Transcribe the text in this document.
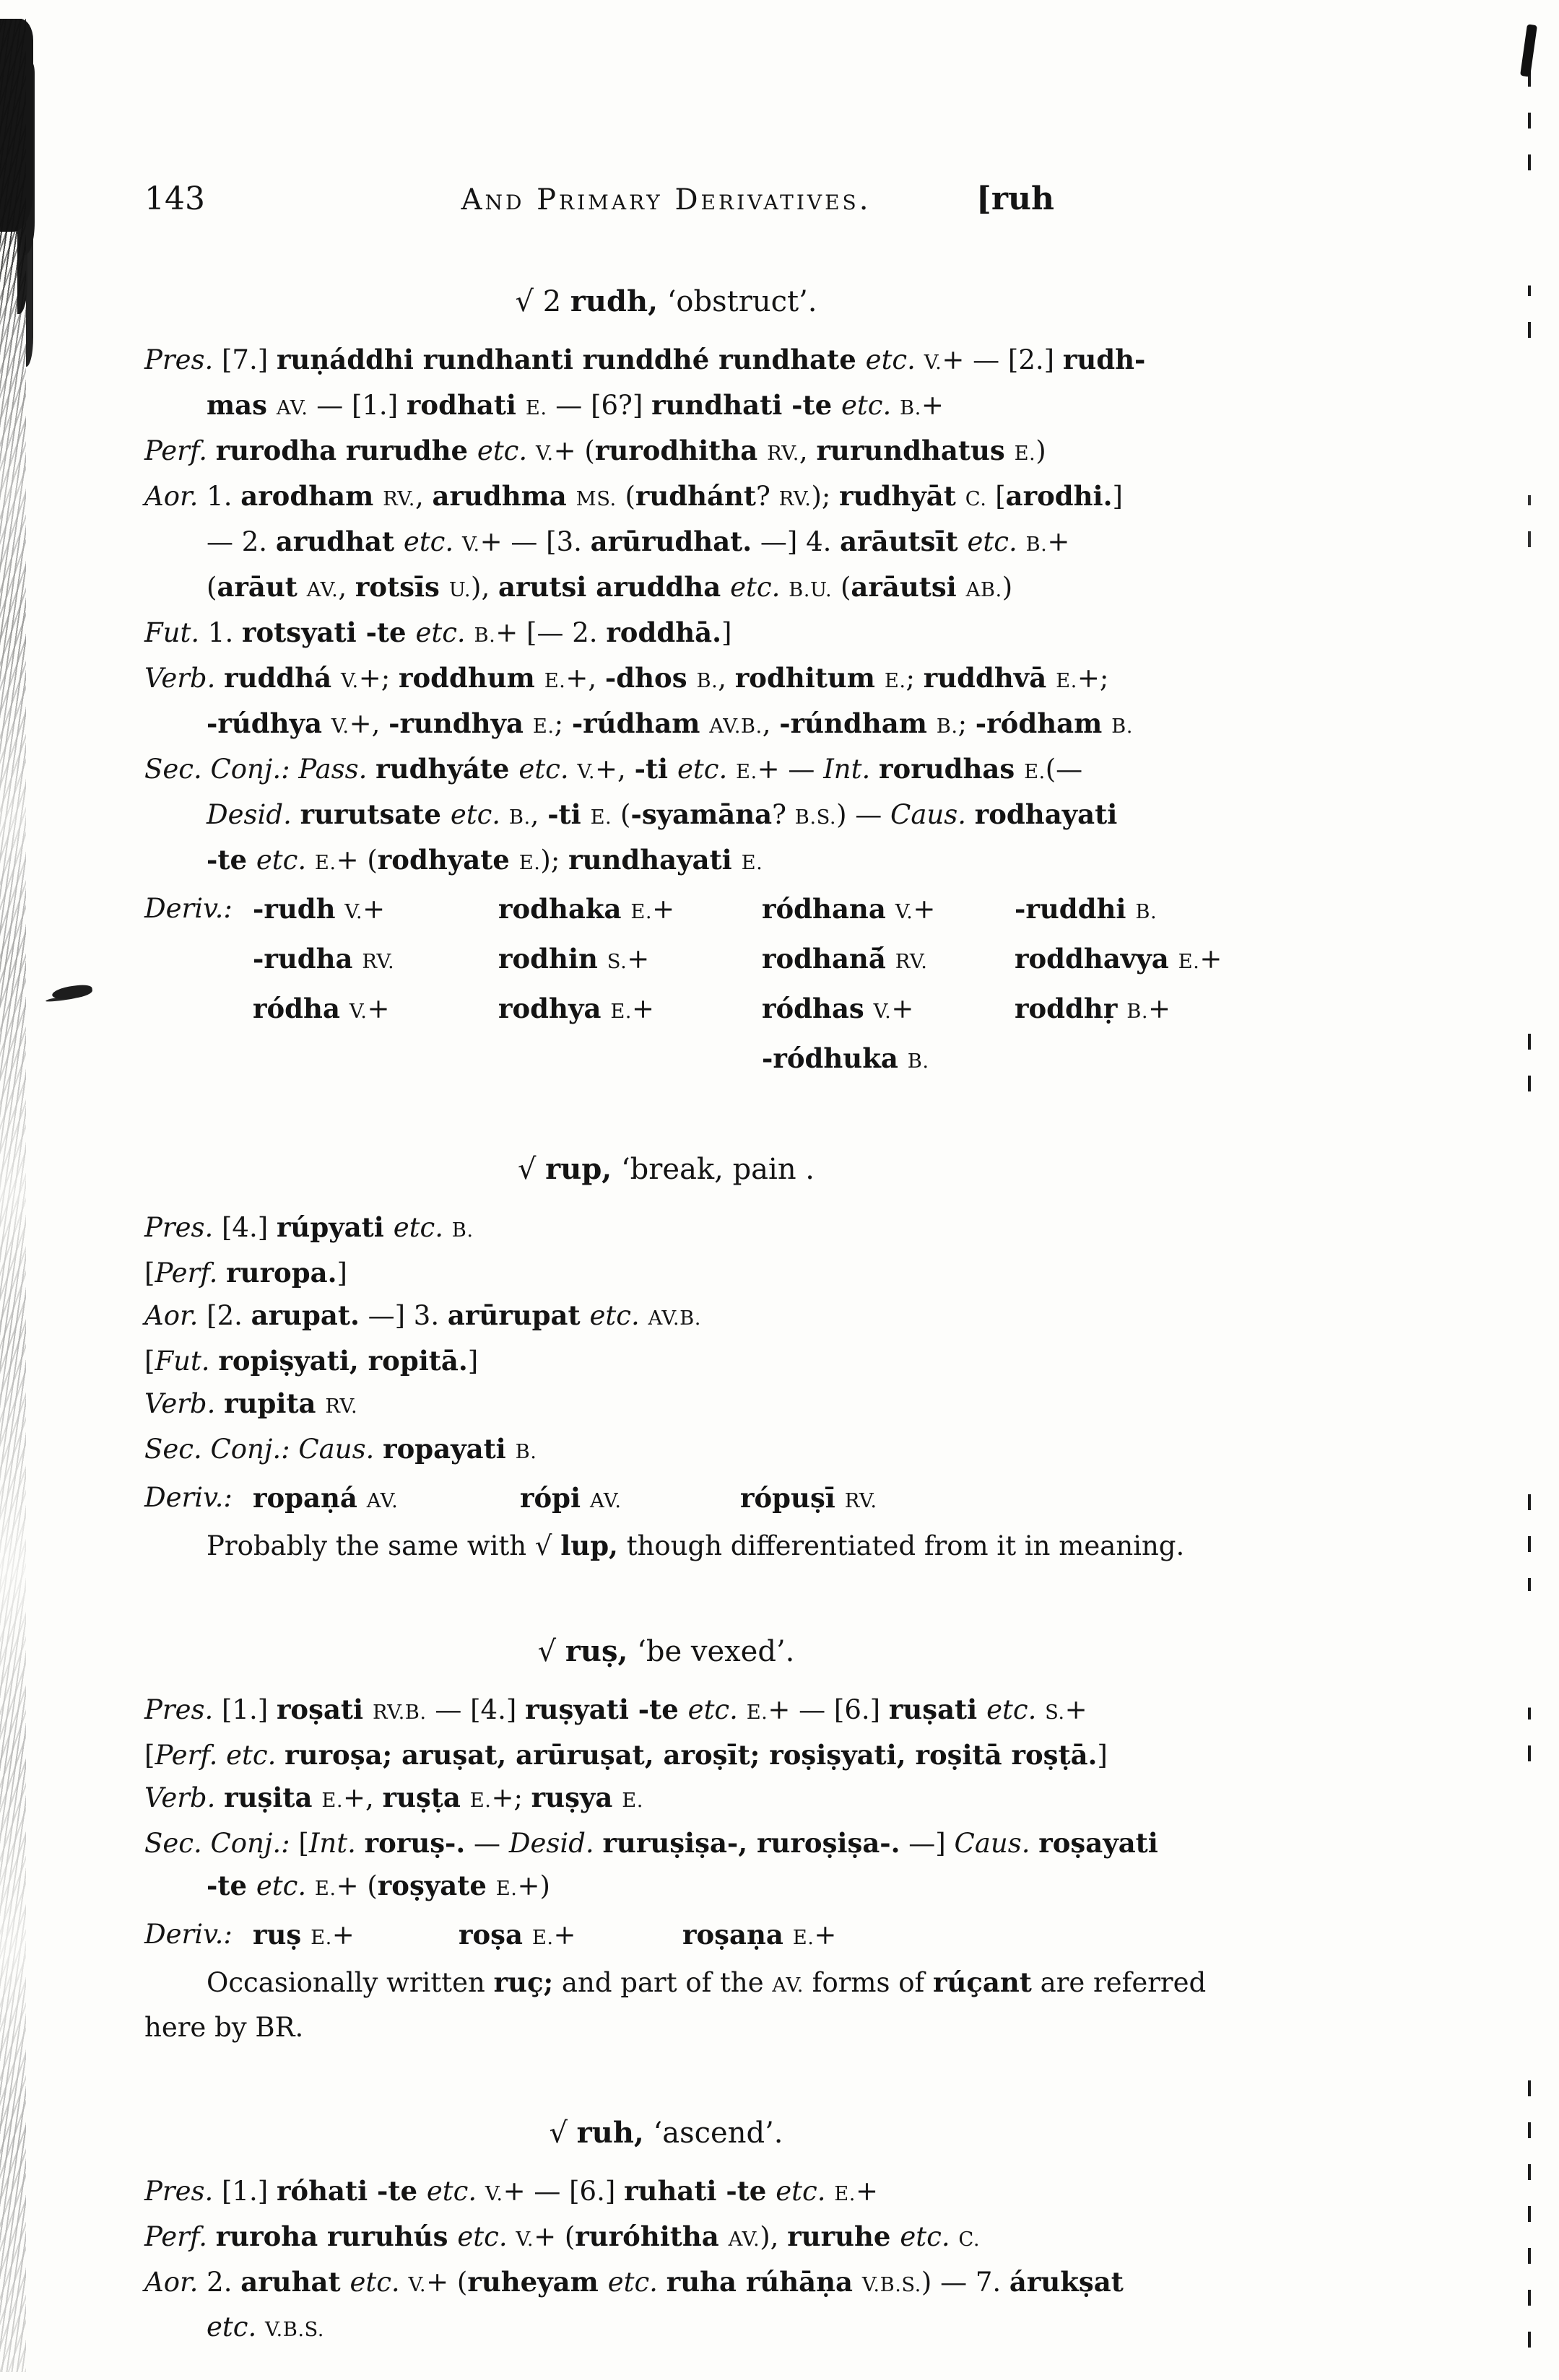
143	And Primary Derivatives.	[ruh
√ 2 rudh, ‘obstruct’.
Pres. [7.] ruṇáddhi rundhanti runddhé rundhate etc. V.+ — [2.] rudh-
mas AV. — [1.] rodhati E. — [6?] rundhati -te etc. B.+
Perf. rurodha rurudhe etc. V.+ (rurodhitha RV., rurundhatus E.)
Aor. 1. arodham RV., arudhma MS. (rudhánt? RV.); rudhyāt C. [arodhi.]
— 2. arudhat etc. V.+ — [3. arūrudhat. —] 4. arāutsīt etc. B.+
(arāut AV., rotsīs U.), arutsi aruddha etc. B.U. (arāutsi AB.)
Fut. 1. rotsyati -te etc. B.+ [— 2. roddhā.]
Verb. ruddhá V.+; roddhum E.+, -dhos B., rodhitum E.; ruddhvā E.+;
-rúdhya V.+, -rundhya E.; -rúdham AV.B., -rúndham B.; -ródham B.
Sec. Conj.: Pass. rudhyáte etc. V.+, -ti etc. E.+ — Int. rorudhas E.(—
Desid. rurutsate etc. B., -ti E. (-syamāna? B.S.) — Caus. rodhayati
-te etc. E.+ (rodhyate E.); rundhayati E.
Deriv.: -rudh V.+	rodhaka E.+	ródhana V.+	-ruddhi B.
-rudha RV.	rodhin S.+	rodhanā́ RV.	roddhavya E.+
ródha V.+	rodhya E.+	ródhas V.+	roddhṛ B.+
-ródhuka B.
√ rup, ‘break, pain .
Pres. [4.] rúpyati etc. B.
[Perf. ruropa.]
Aor. [2. arupat. —] 3. arūrupat etc. AV.B.
[Fut. ropiṣyati, ropitā.]
Verb. rupita RV.
Sec. Conj.: Caus. ropayati B.
Deriv.: ropaṇá AV.	rópi AV.	rópuṣī RV.
Probably the same with √ lup, though differentiated from it in meaning.
√ ruṣ, ‘be vexed’.
Pres. [1.] roṣati RV.B. — [4.] ruṣyati -te etc. E.+ — [6.] ruṣati etc. S.+
[Perf. etc. ruroṣa; aruṣat, arūruṣat, aroṣīt; roṣiṣyati, roṣitā roṣṭā.]
Verb. ruṣita E.+, ruṣṭa E.+; ruṣya E.
Sec. Conj.: [Int. roruṣ-. — Desid. ruruṣiṣa-, ruroṣiṣa-. —] Caus. roṣayati
-te etc. E.+ (roṣyate E.+)
Deriv.: ruṣ E.+	roṣa E.+	roṣaṇa E.+
Occasionally written ruç; and part of the AV. forms of rúçant are referred
here by BR.
√ ruh, ‘ascend’.
Pres. [1.] róhati -te etc. V.+ — [6.] ruhati -te etc. E.+
Perf. ruroha ruruhús etc. V.+ (ruróhitha AV.), ruruhe etc. C.
Aor. 2. aruhat etc. V.+ (ruheyam etc. ruha rúhāṇa V.B.S.) — 7. árukṣat
etc. V.B.S.
